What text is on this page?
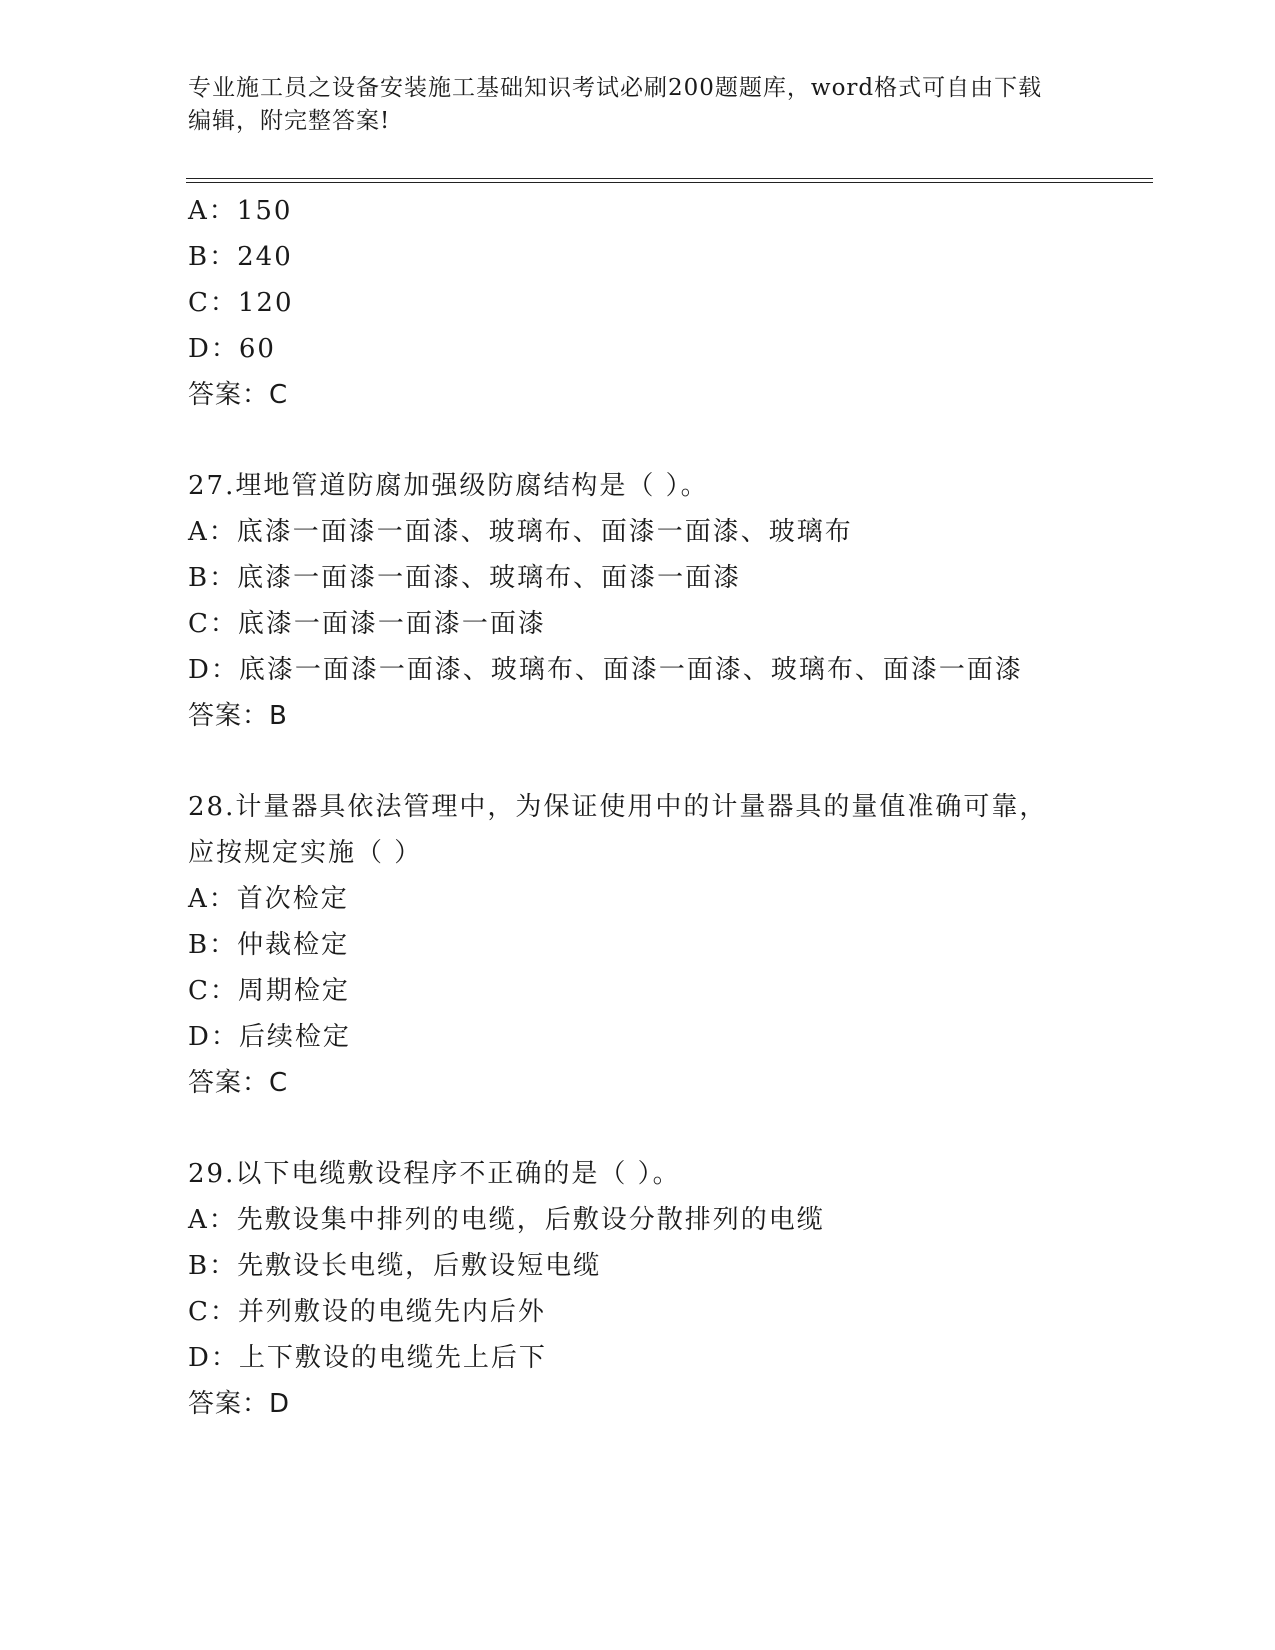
专业施工员之设备安装施工基础知识考试必刷200题题库，word格式可自由下载
编辑，附完整答案!
A：150
B：240
C：120
D：60
答案：C
27.埋地管道防腐加强级防腐结构是（ ）。
A：底漆一面漆一面漆、玻璃布、面漆一面漆、玻璃布
B：底漆一面漆一面漆、玻璃布、面漆一面漆
C：底漆一面漆一面漆一面漆
D：底漆一面漆一面漆、玻璃布、面漆一面漆、玻璃布、面漆一面漆
答案：B
28.计量器具依法管理中，为保证使用中的计量器具的量值准确可靠，
应按规定实施（ ）
A：首次检定
B：仲裁检定
C：周期检定
D：后续检定
答案：C
29.以下电缆敷设程序不正确的是（ ）。
A：先敷设集中排列的电缆，后敷设分散排列的电缆
B：先敷设长电缆，后敷设短电缆
C：并列敷设的电缆先内后外
D：上下敷设的电缆先上后下
答案：D
